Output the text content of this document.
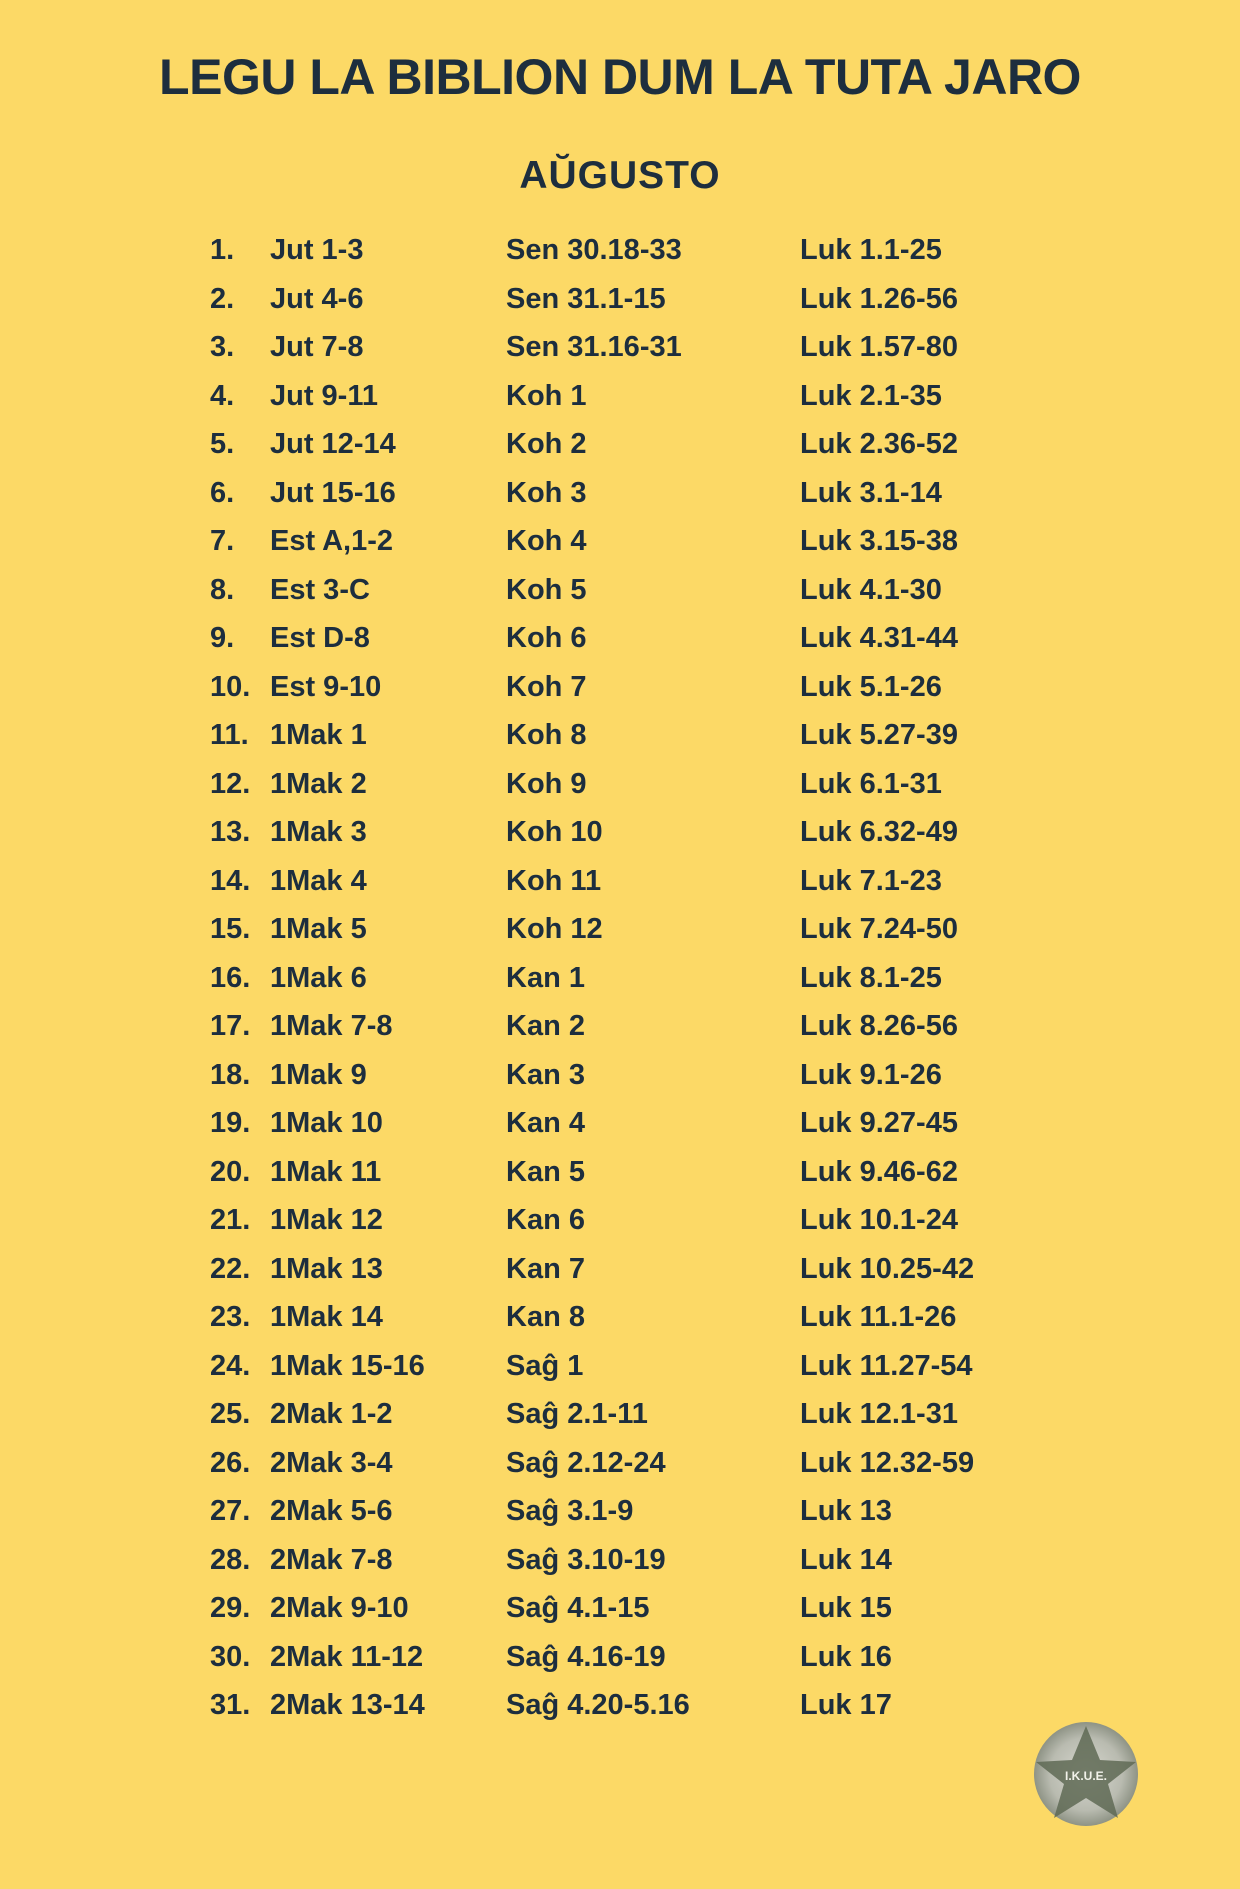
LEGU LA BIBLION DUM LA TUTA JARO
AŬGUSTO
1. Jut 1-3	Sen 30.18-33	Luk 1.1-25
2. Jut 4-6	Sen 31.1-15	Luk 1.26-56
3. Jut 7-8	Sen 31.16-31	Luk 1.57-80
4. Jut 9-11	Koh 1	Luk 2.1-35
5. Jut 12-14	Koh 2	Luk 2.36-52
6. Jut 15-16	Koh 3	Luk 3.1-14
7. Est A,1-2	Koh 4	Luk 3.15-38
8. Est 3-C	Koh 5	Luk 4.1-30
9. Est D-8	Koh 6	Luk 4.31-44
10. Est 9-10	Koh 7	Luk 5.1-26
11. 1Mak 1	Koh 8	Luk 5.27-39
12. 1Mak 2	Koh 9	Luk 6.1-31
13. 1Mak 3	Koh 10	Luk 6.32-49
14. 1Mak 4	Koh 11	Luk 7.1-23
15. 1Mak 5	Koh 12	Luk 7.24-50
16. 1Mak 6	Kan 1	Luk 8.1-25
17. 1Mak 7-8	Kan 2	Luk 8.26-56
18. 1Mak 9	Kan 3	Luk 9.1-26
19. 1Mak 10	Kan 4	Luk 9.27-45
20. 1Mak 11	Kan 5	Luk 9.46-62
21. 1Mak 12	Kan 6	Luk 10.1-24
22. 1Mak 13	Kan 7	Luk 10.25-42
23. 1Mak 14	Kan 8	Luk 11.1-26
24. 1Mak 15-16	Saĝ 1	Luk 11.27-54
25. 2Mak 1-2	Saĝ 2.1-11	Luk 12.1-31
26. 2Mak 3-4	Saĝ 2.12-24	Luk 12.32-59
27. 2Mak 5-6	Saĝ 3.1-9	Luk 13
28. 2Mak 7-8	Saĝ 3.10-19	Luk 14
29. 2Mak 9-10	Saĝ 4.1-15	Luk 15
30. 2Mak 11-12	Saĝ 4.16-19	Luk 16
31. 2Mak 13-14	Saĝ 4.20-5.16	Luk 17
I.K.U.E.
